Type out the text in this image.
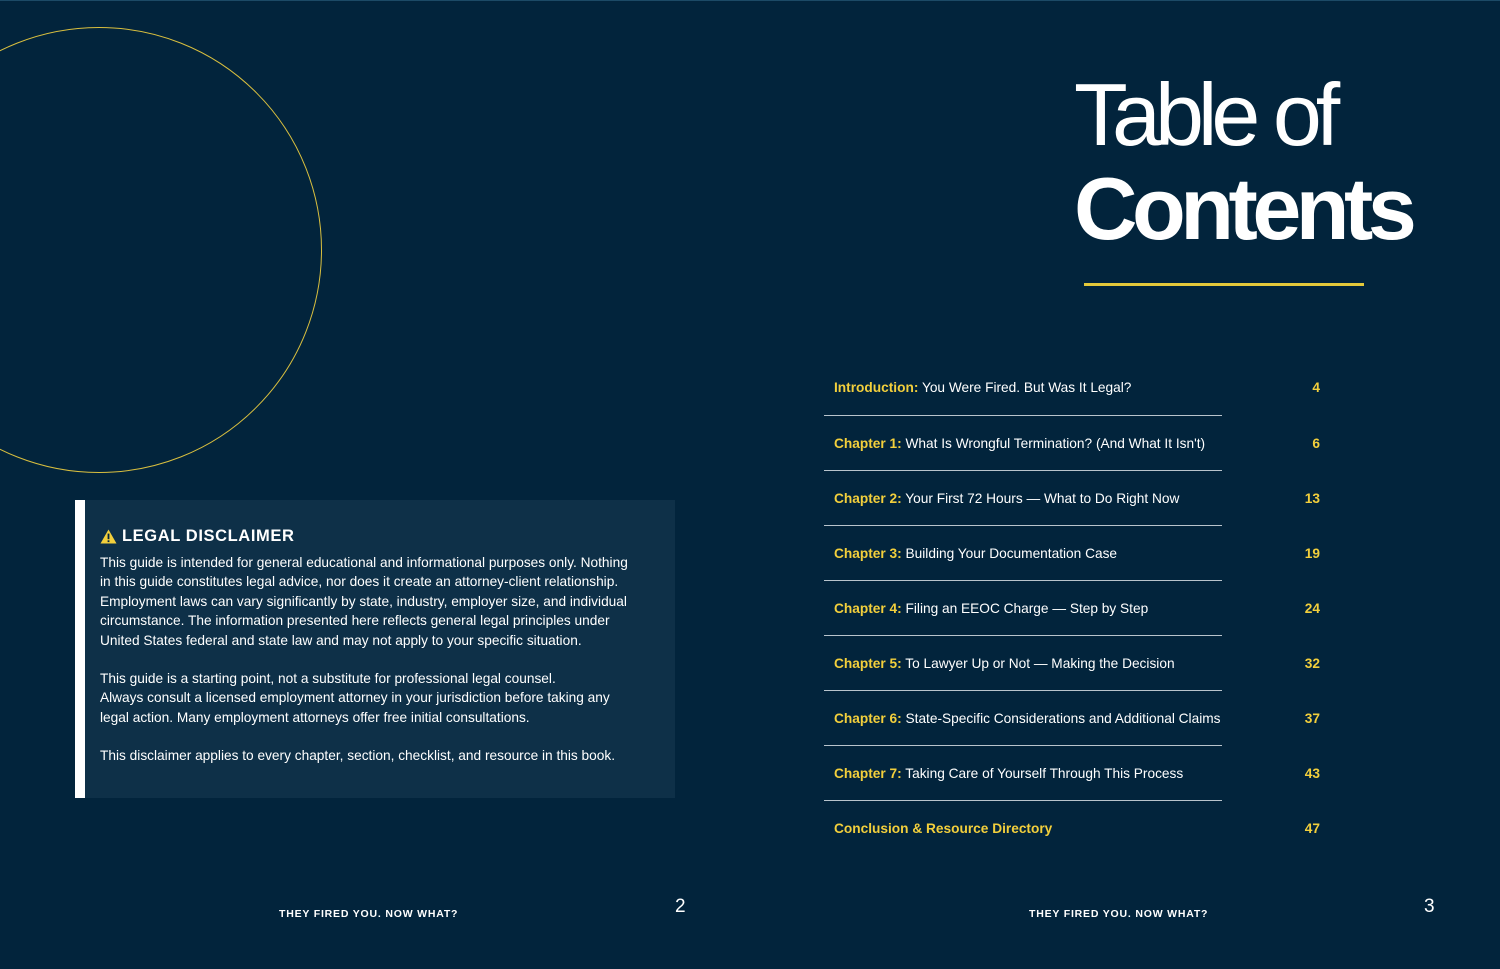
LEGAL DISCLAIMER

This guide is intended for general educational and informational purposes only. Nothing
in this guide constitutes legal advice, nor does it create an attorney-client relationship.
Employment laws can vary significantly by state, industry, employer size, and individual
circumstance. The information presented here reflects general legal principles under
United States federal and state law and may not apply to your specific situation.

This guide is a starting point, not a substitute for professional legal counsel.
Always consult a licensed employment attorney in your jurisdiction before taking any
legal action. Many employment attorneys offer free initial consultations.

This disclaimer applies to every chapter, section, checklist, and resource in this book.

THEY FIRED YOU. NOW WHAT?	2
Table of
Contents
Introduction: You Were Fired. But Was It Legal?	4
Chapter 1: What Is Wrongful Termination? (And What It Isn't)	6
Chapter 2: Your First 72 Hours — What to Do Right Now	13
Chapter 3: Building Your Documentation Case	19
Chapter 4: Filing an EEOC Charge — Step by Step	24
Chapter 5: To Lawyer Up or Not — Making the Decision	32
Chapter 6: State-Specific Considerations and Additional Claims	37
Chapter 7: Taking Care of Yourself Through This Process	43
Conclusion & Resource Directory	47
THEY FIRED YOU. NOW WHAT?	3
